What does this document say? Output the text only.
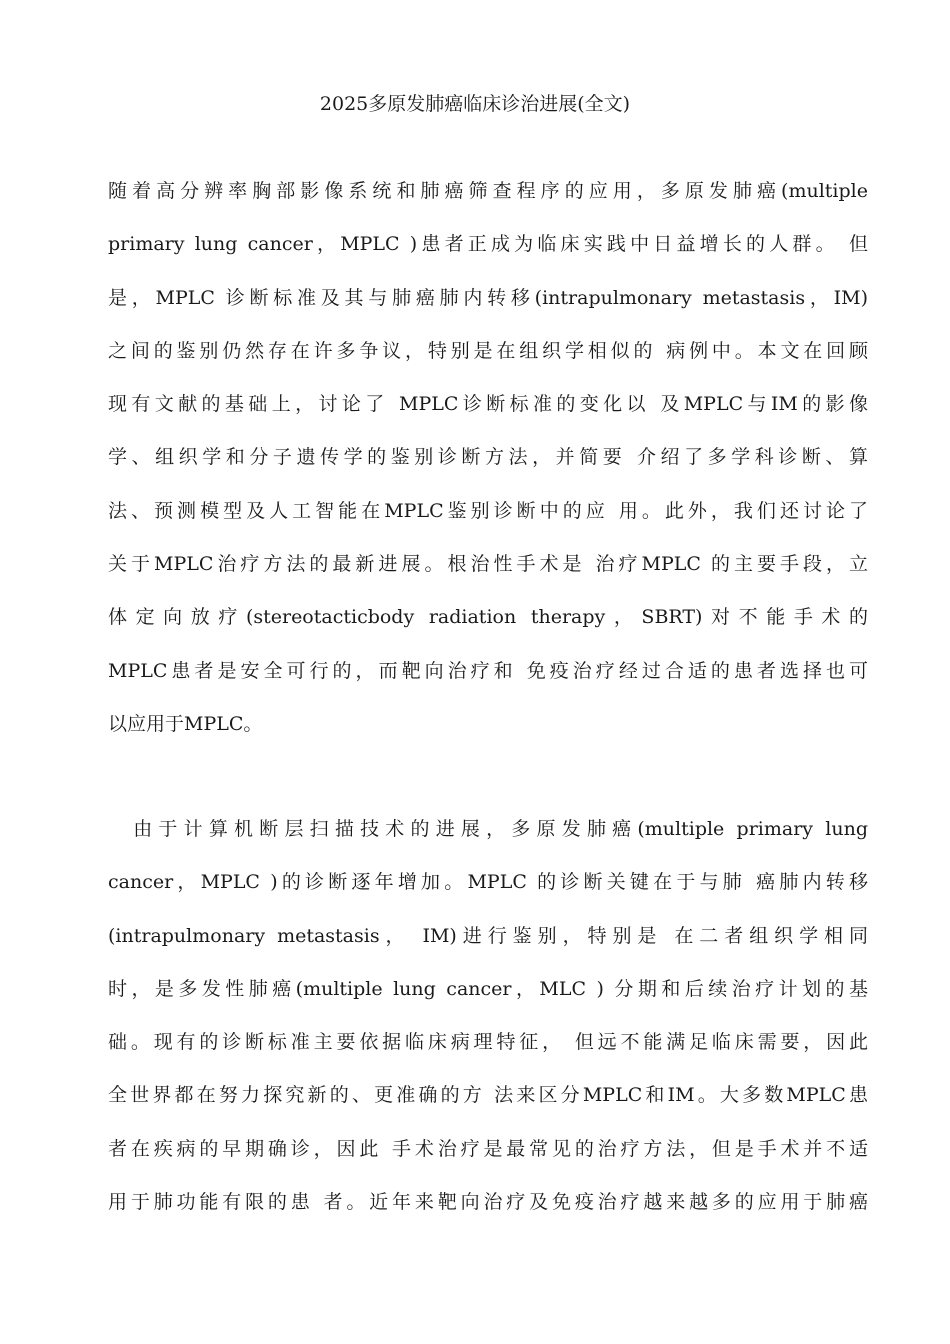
2025多原发肺癌临床诊治进展(全文)
随着高分辨率胸部影像系统和肺癌筛查程序的应用，多原发肺癌(multiple
primary lung cancer，MPLC )患者正成为临床实践中日益增长的人群。 但
是，MPLC 诊断标准及其与肺癌肺内转移(intrapulmonary metastasis，IM)
之间的鉴别仍然存在许多争议，特别是在组织学相似的 病例中。本文在回顾
现有文献的基础上，讨论了 MPLC诊断标准的变化以 及MPLC与IM的影像
学、组织学和分子遗传学的鉴别诊断方法，并简要 介绍了多学科诊断、算
法、预测模型及人工智能在MPLC鉴别诊断中的应 用。此外，我们还讨论了
关于MPLC治疗方法的最新进展。根治性手术是 治疗MPLC 的主要手段，立
体定向放疗(stereotacticbody radiation therapy，SBRT)对不能手术的
MPLC患者是安全可行的，而靶向治疗和 免疫治疗经过合适的患者选择也可
以应用于MPLC。
　由于计算机断层扫描技术的进展，多原发肺癌(multiple primary lung
cancer，MPLC )的诊断逐年增加。MPLC 的诊断关键在于与肺 癌肺内转移
(intrapulmonary metastasis， IM)进行鉴别，特别是 在二者组织学相同
时，是多发性肺癌(multiple lung cancer，MLC ) 分期和后续治疗计划的基
础。现有的诊断标准主要依据临床病理特征， 但远不能满足临床需要，因此
全世界都在努力探究新的、更准确的方 法来区分MPLC和IM。大多数MPLC患
者在疾病的早期确诊，因此 手术治疗是最常见的治疗方法，但是手术并不适
用于肺功能有限的患 者。近年来靶向治疗及免疫治疗越来越多的应用于肺癌
